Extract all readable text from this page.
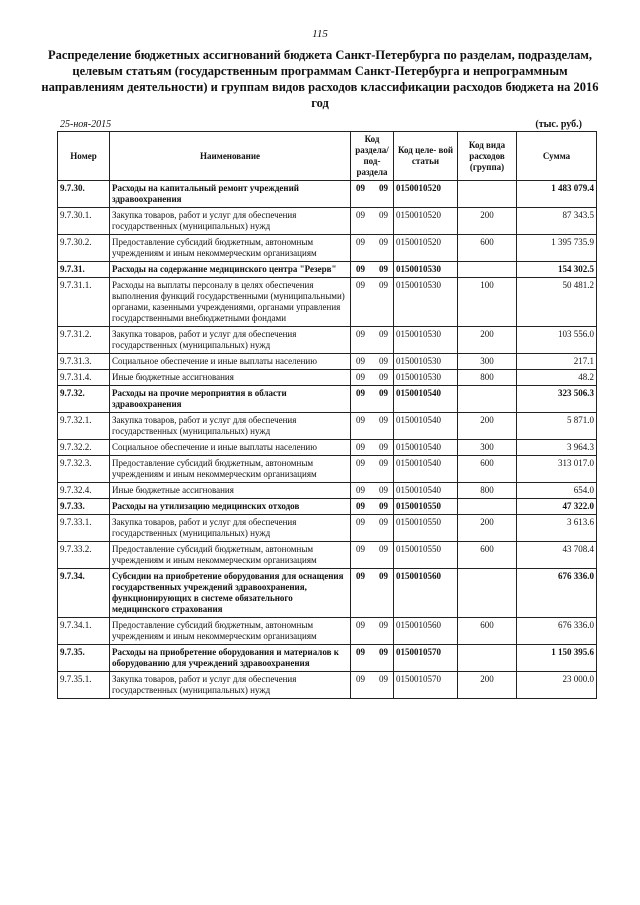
115
Распределение бюджетных ассигнований бюджета Санкт-Петербурга по разделам, подразделам, целевым статьям (государственным программам Санкт-Петербурга и непрограммным направлениям деятельности) и группам видов расходов классификации расходов бюджета на 2016 год
25-ноя-2015	(тыс. руб.)
Номер	Наименование	Код раздела/ под- раздела	Код целе- вой статьи	Код вида расходов (группа)	Сумма
9.7.30.	Расходы на капитальный ремонт учреждений здравоохранения	09 09	0150010520		1 483 079.4
9.7.30.1.	Закупка товаров, работ и услуг для обеспечения государственных (муниципальных) нужд	09 09	0150010520	200	87 343.5
9.7.30.2.	Предоставление субсидий бюджетным, автономным учреждениям и иным некоммерческим организациям	09 09	0150010520	600	1 395 735.9
9.7.31.	Расходы на содержание медицинского центра "Резерв"	09 09	0150010530		154 302.5
9.7.31.1.	Расходы на выплаты персоналу в целях обеспечения выполнения функций государственными (муниципальными) органами, казенными учреждениями, органами управления государственными внебюджетными фондами	09 09	0150010530	100	50 481.2
9.7.31.2.	Закупка товаров, работ и услуг для обеспечения государственных (муниципальных) нужд	09 09	0150010530	200	103 556.0
9.7.31.3.	Социальное обеспечение и иные выплаты населению	09 09	0150010530	300	217.1
9.7.31.4.	Иные бюджетные ассигнования	09 09	0150010530	800	48.2
9.7.32.	Расходы на прочие мероприятия в области здравоохранения	09 09	0150010540		323 506.3
9.7.32.1.	Закупка товаров, работ и услуг для обеспечения государственных (муниципальных) нужд	09 09	0150010540	200	5 871.0
9.7.32.2.	Социальное обеспечение и иные выплаты населению	09 09	0150010540	300	3 964.3
9.7.32.3.	Предоставление субсидий бюджетным, автономным учреждениям и иным некоммерческим организациям	09 09	0150010540	600	313 017.0
9.7.32.4.	Иные бюджетные ассигнования	09 09	0150010540	800	654.0
9.7.33.	Расходы на утилизацию медицинских отходов	09 09	0150010550		47 322.0
9.7.33.1.	Закупка товаров, работ и услуг для обеспечения государственных (муниципальных) нужд	09 09	0150010550	200	3 613.6
9.7.33.2.	Предоставление субсидий бюджетным, автономным учреждениям и иным некоммерческим организациям	09 09	0150010550	600	43 708.4
9.7.34.	Субсидии на приобретение оборудования для оснащения государственных учреждений здравоохранения, функционирующих в системе обязательного медицинского страхования	09 09	0150010560		676 336.0
9.7.34.1.	Предоставление субсидий бюджетным, автономным учреждениям и иным некоммерческим организациям	09 09	0150010560	600	676 336.0
9.7.35.	Расходы на приобретение оборудования и материалов к оборудованию для учреждений здравоохранения	09 09	0150010570		1 150 395.6
9.7.35.1.	Закупка товаров, работ и услуг для обеспечения государственных (муниципальных) нужд	09 09	0150010570	200	23 000.0
